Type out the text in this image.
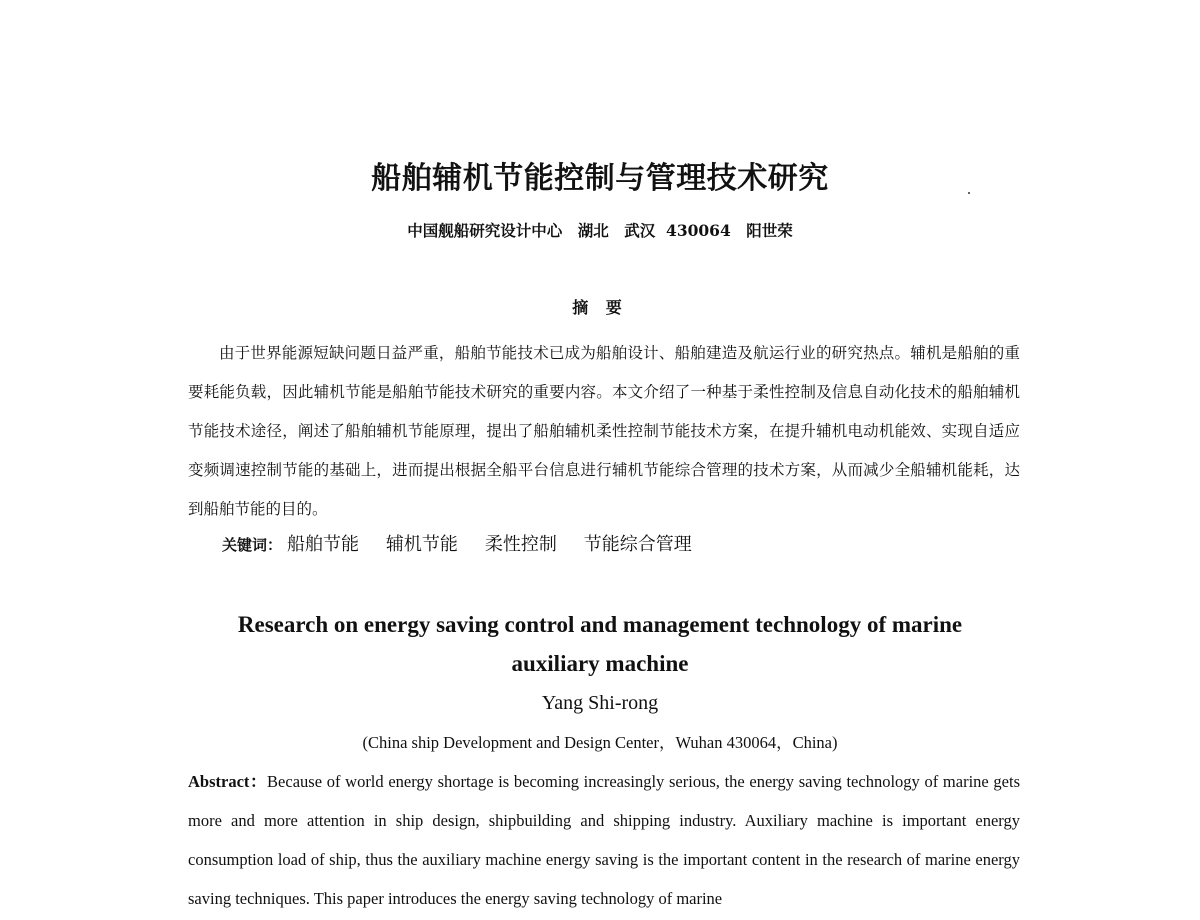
船舶辅机节能控制与管理技术研究
中国舰船研究设计中心　湖北　武汉  430064　阳世荣
摘 要

由于世界能源短缺问题日益严重，船舶节能技术已成为船舶设计、船舶建造及航运行业的研究热点。辅机是船舶的重要耗能负载，因此辅机节能是船舶节能技术研究的重要内容。本文介绍了一种基于柔性控制及信息自动化技术的船舶辅机节能技术途径，阐述了船舶辅机节能原理，提出了船舶辅机柔性控制节能技术方案，在提升辅机电动机能效、实现自适应变频调速控制节能的基础上，进而提出根据全船平台信息进行辅机节能综合管理的技术方案，从而减少全船辅机能耗，达到船舶节能的目的。

关键词： 船舶节能 辅机节能 柔性控制 节能综合管理
Research on energy saving control and management technology of marine auxiliary machine
Yang Shi-rong
(China ship Development and Design Center，Wuhan 430064，China)

Abstract：Because of world energy shortage is becoming increasingly serious, the energy saving technology of marine gets more and more attention in ship design, shipbuilding and shipping industry. Auxiliary machine is important energy consumption load of ship, thus the auxiliary machine energy saving is the important content in the research of marine energy saving techniques. This paper introduces the energy saving technology of marine
